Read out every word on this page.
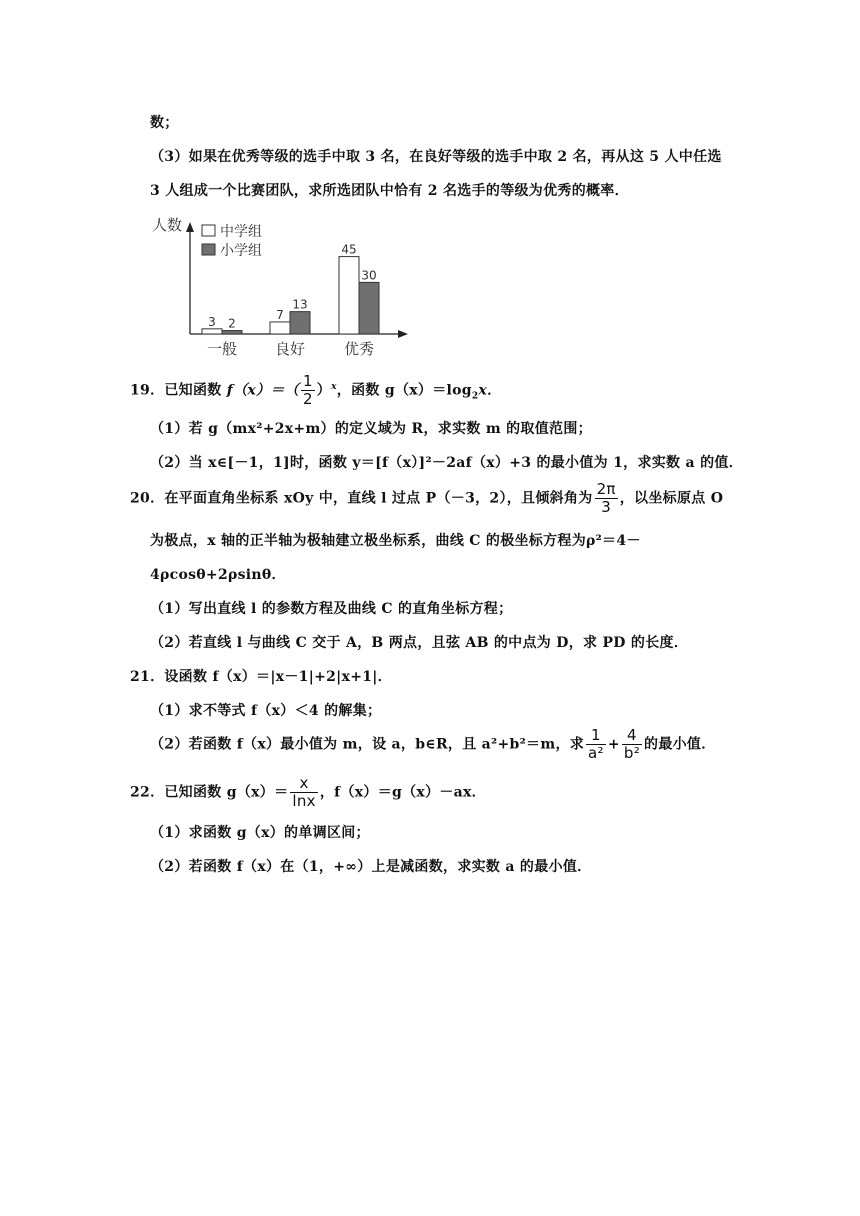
数；
（3）如果在优秀等级的选手中取 3 名，在良好等级的选手中取 2 名，再从这 5 人中任选
3 人组成一个比赛团队，求所选团队中恰有 2 名选手的等级为优秀的概率．
人数	中学组
小学组
3 2
一般
7
13
良好
45
30
优秀
19．已知函数 $f(x)=( \frac{1}{2} )^x$，函数 $g(x)=\log_2x$．
（1）若 g（mx²+2x+m）的定义域为 R，求实数 m 的取值范围；
（2）当 x∈[－1，1]时，函数 y＝[f（x）]²－2af（x）+3 的最小值为 1，求实数 a 的值．
20．在平面直角坐标系 xOy 中，直线 l 过点 P（－3，2），且倾斜角为 $\frac{2\pi}{3}$ ，以坐标原点 O
为极点，x 轴的正半轴为极轴建立极坐标系，曲线 C 的极坐标方程为ρ²＝4－
4ρcosθ+2ρsinθ．
（1）写出直线 l 的参数方程及曲线 C 的直角坐标方程；
（2）若直线 l 与曲线 C 交于 A，B 两点，且弦 AB 的中点为 D，求 PD 的长度．
21．设函数 f（x）＝|x－1|+2|x+1|．
（1）求不等式 f（x）＜4 的解集；
（2）若函数 f（x）最小值为 m，设 a，b∈R，且 a²+b²＝m，求 $\frac{1}{\text{a²}} + \frac{4}{\text{b²}}$ 的最小值．
22．已知函数 $g(x)= \frac{x}{\ln x}$ ，f（x）＝g（x）－ax．
（1）求函数 g（x）的单调区间；
（2）若函数 f（x）在（1，+∞）上是减函数，求实数 a 的最小值．
